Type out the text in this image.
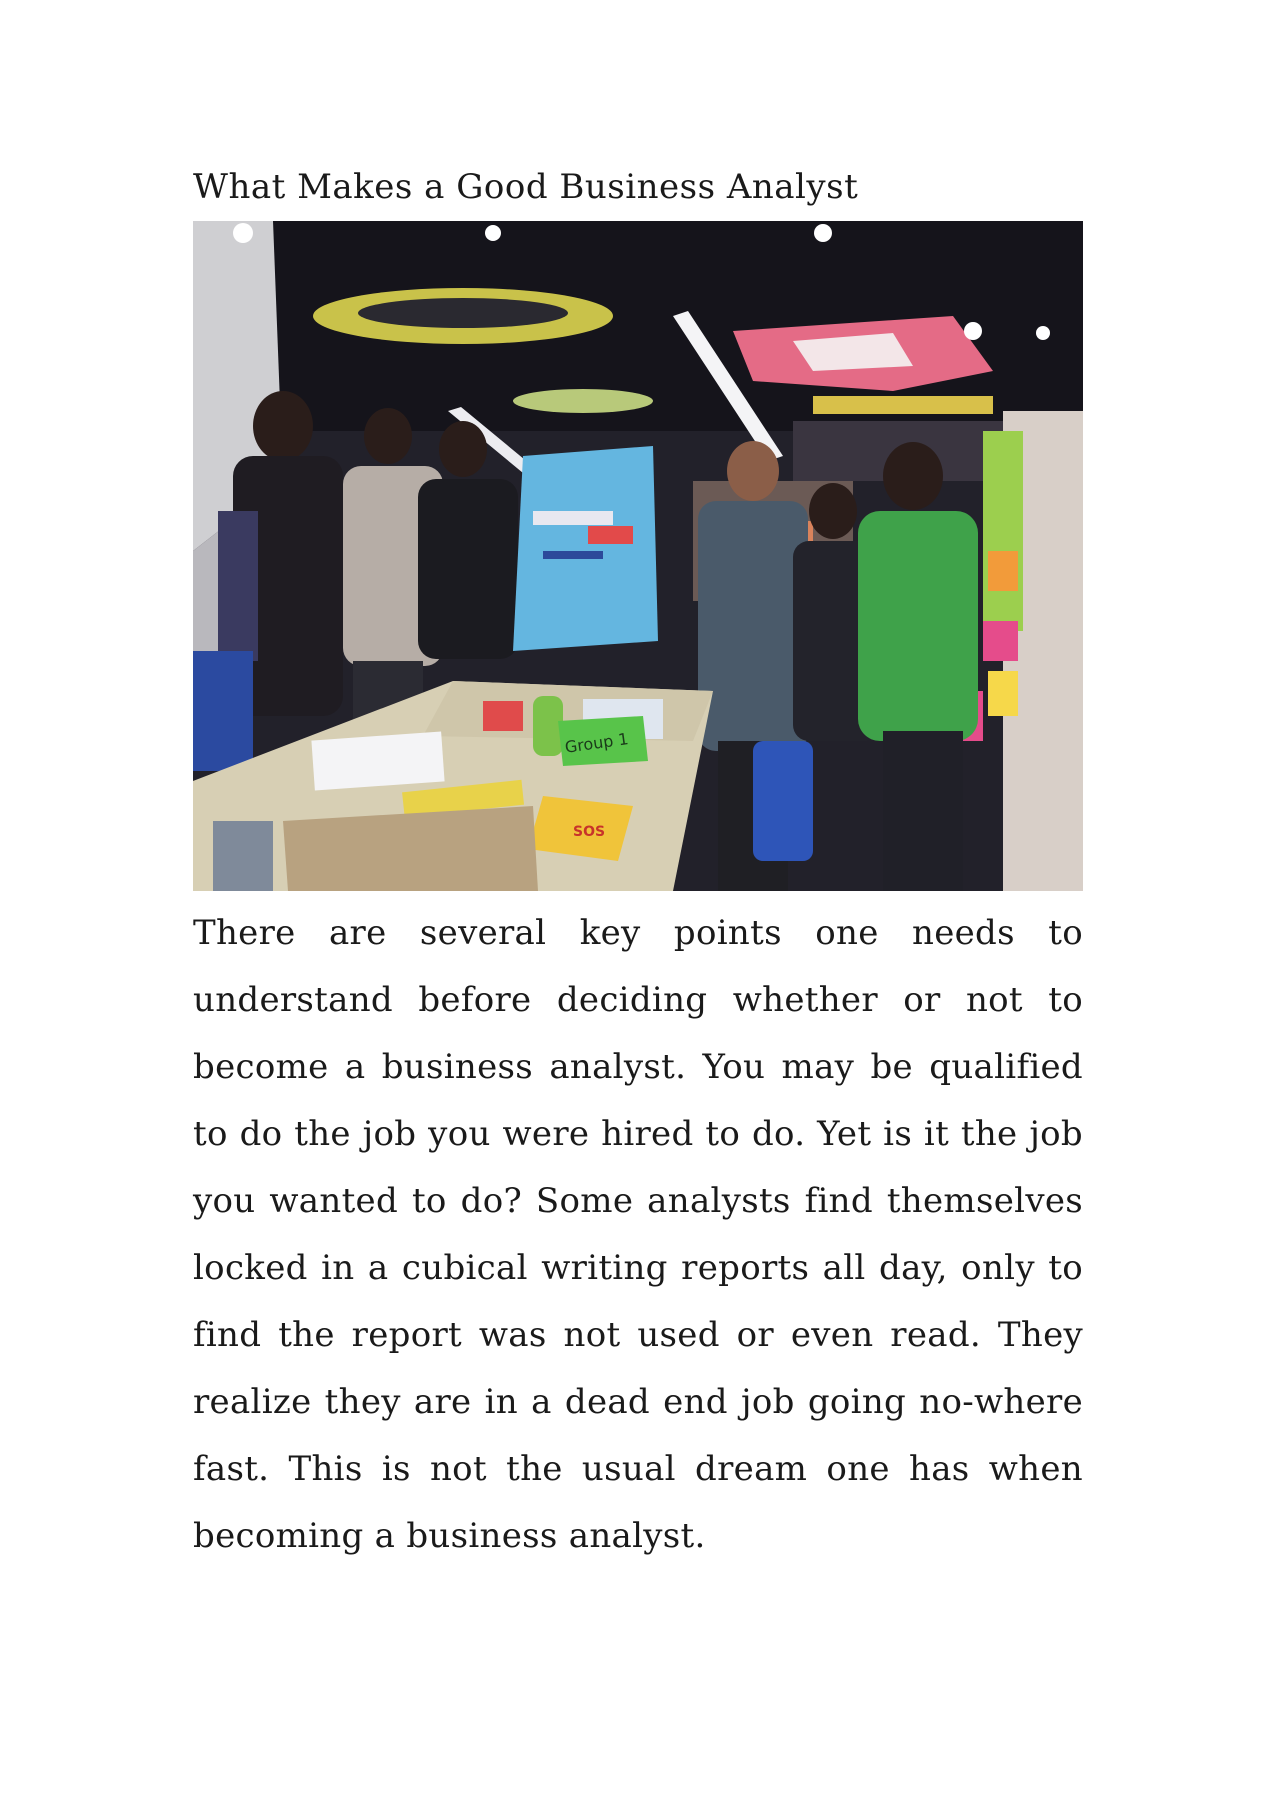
What Makes a Good Business Analyst
Group 1
SOS

There are several key points one needs to understand before deciding whether or not to become a business analyst. You may be qualified to do the job you were hired to do. Yet is it the job you wanted to do? Some analysts find themselves locked in a cubical writing reports all day, only to find the report was not used or even read. They realize they are in a dead end job going no-where fast. This is not the usual dream one has when becoming a business analyst.
